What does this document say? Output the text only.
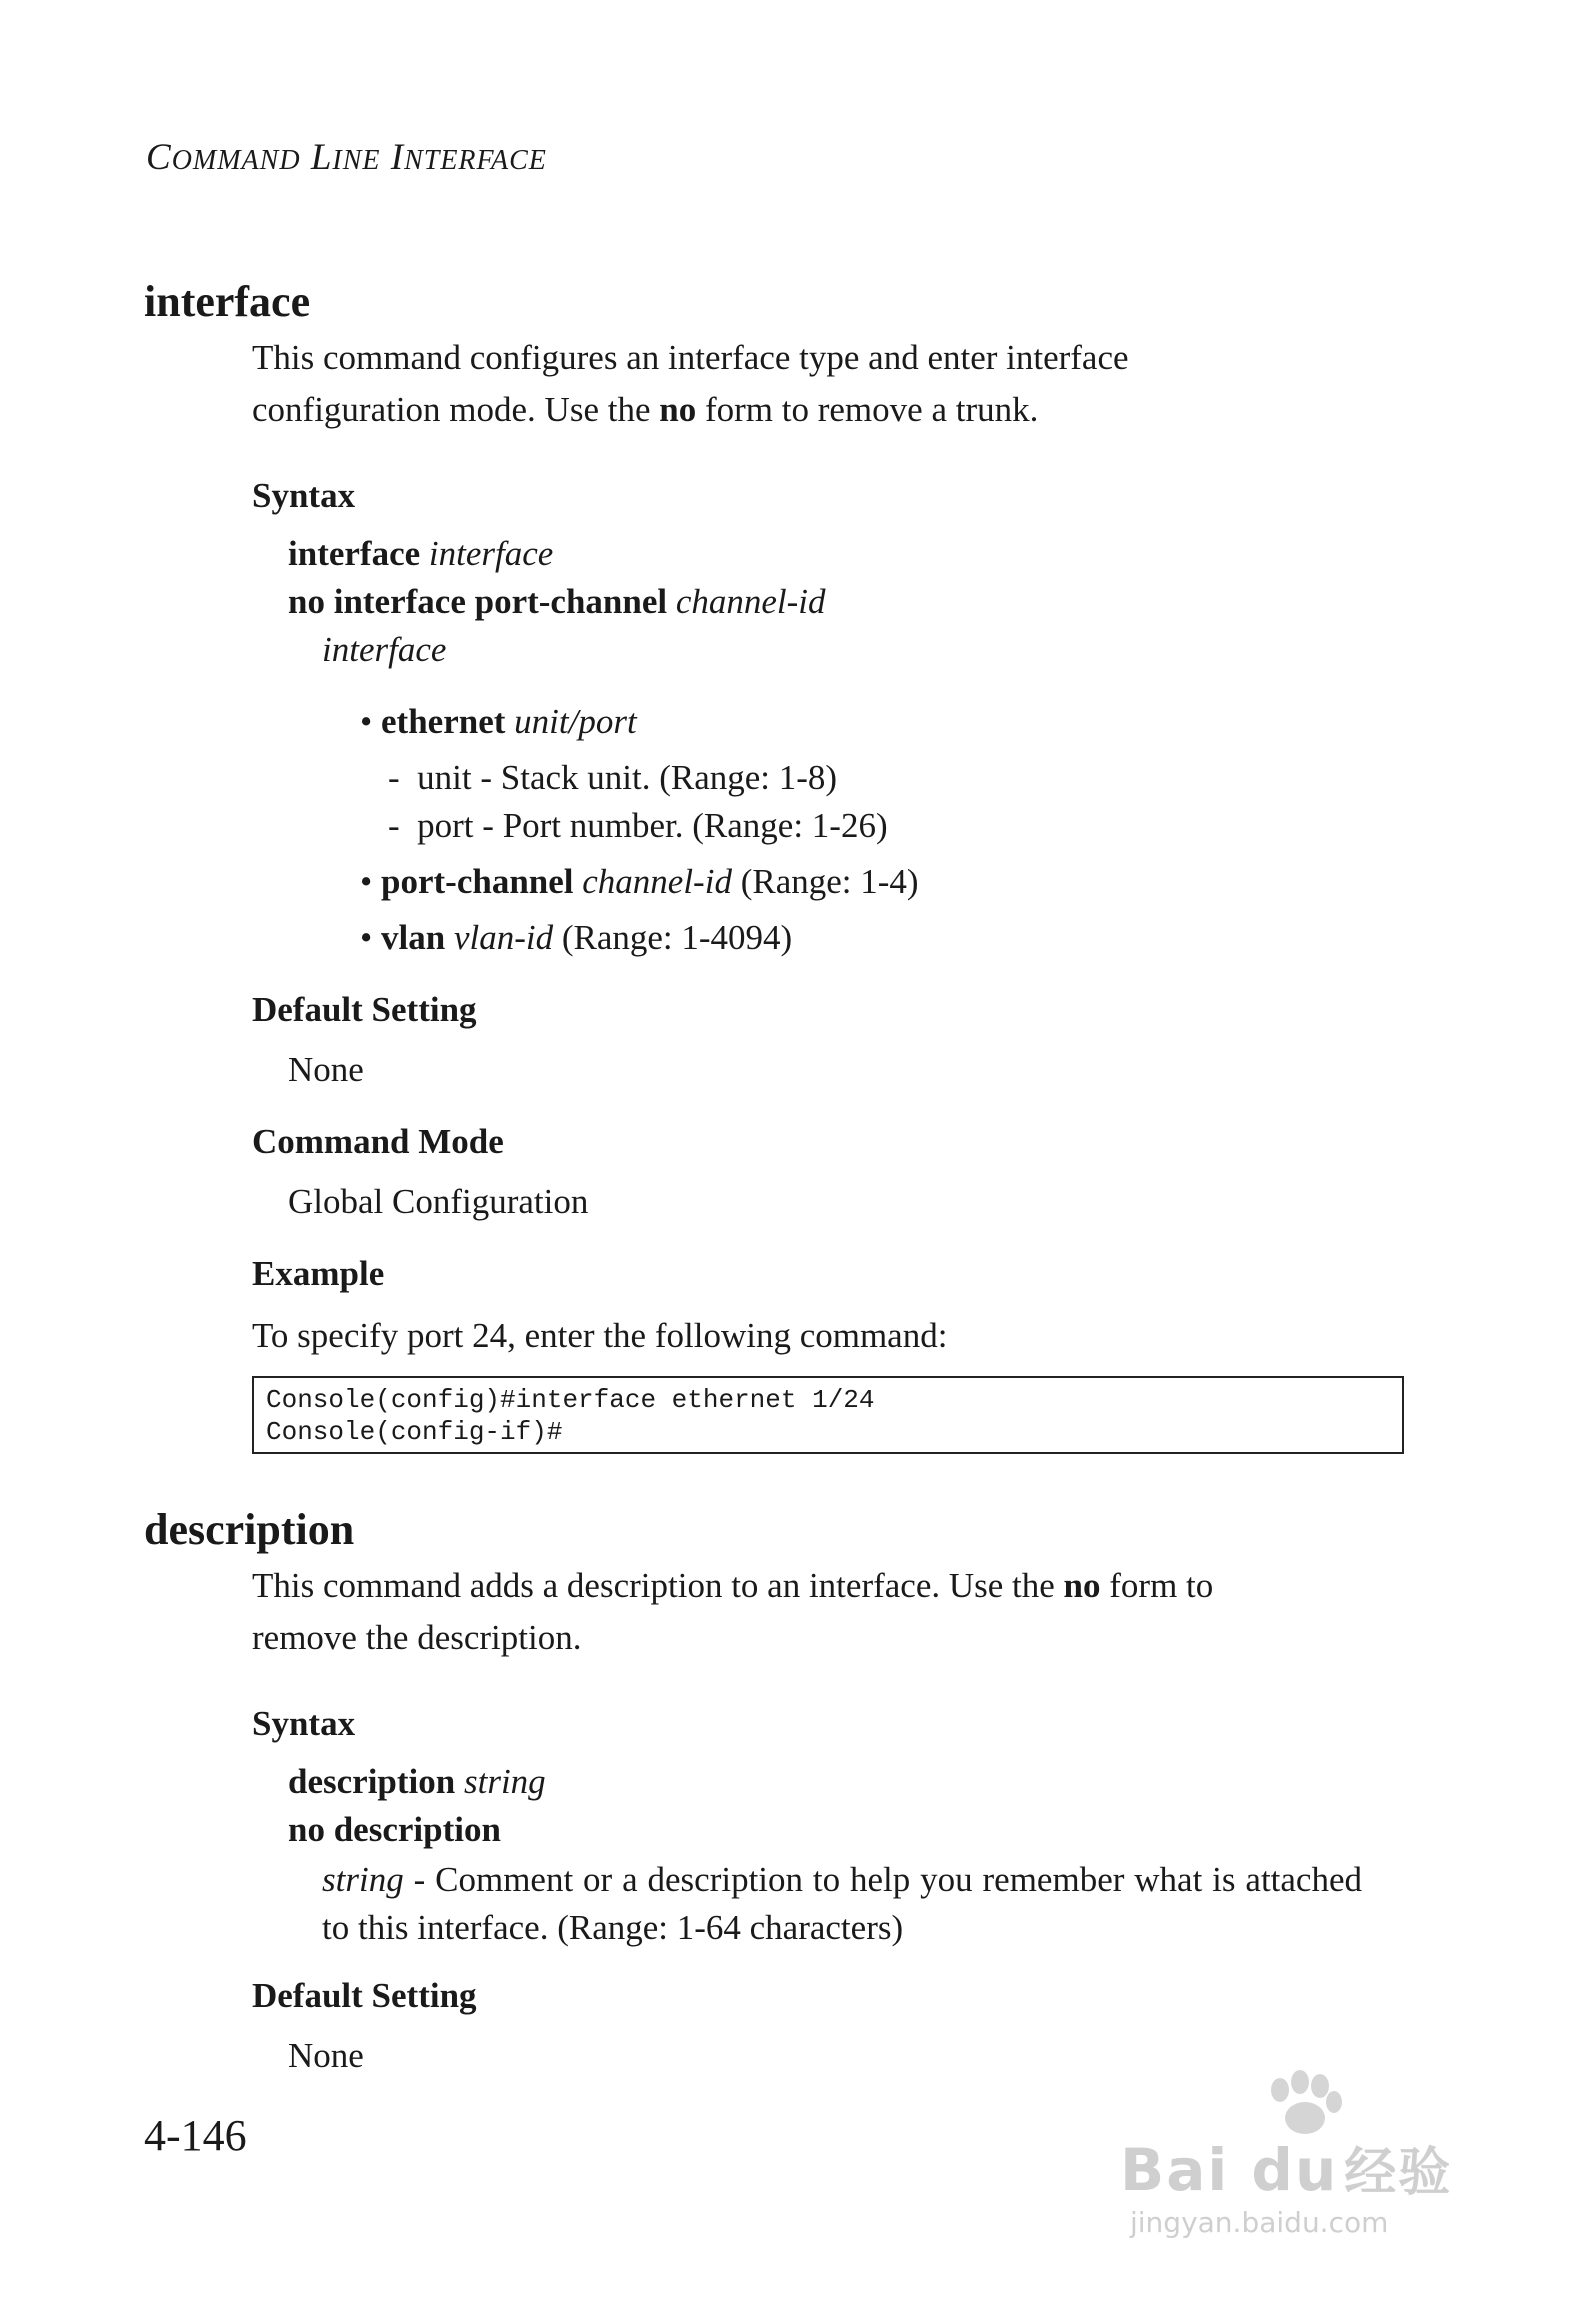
COMMAND LINE INTERFACE
interface
This command configures an interface type and enter interface
configuration mode. Use the no form to remove a trunk.
Syntax
interface interface
no interface port-channel channel-id
interface
• ethernet unit/port
-  unit - Stack unit. (Range: 1-8)
-  port - Port number. (Range: 1-26)
• port-channel channel-id (Range: 1-4)
• vlan vlan-id (Range: 1-4094)
Default Setting
None
Command Mode
Global Configuration
Example
To specify port 24, enter the following command:
Console(config)#interface ethernet 1/24
Console(config-if)#
description
This command adds a description to an interface. Use the no form to
remove the description.
Syntax
description string
no description
string - Comment or a description to help you remember what is attached to this interface. (Range: 1-64 characters)
Default Setting
None
4-146
Bai du 经验
jingyan.baidu.com
